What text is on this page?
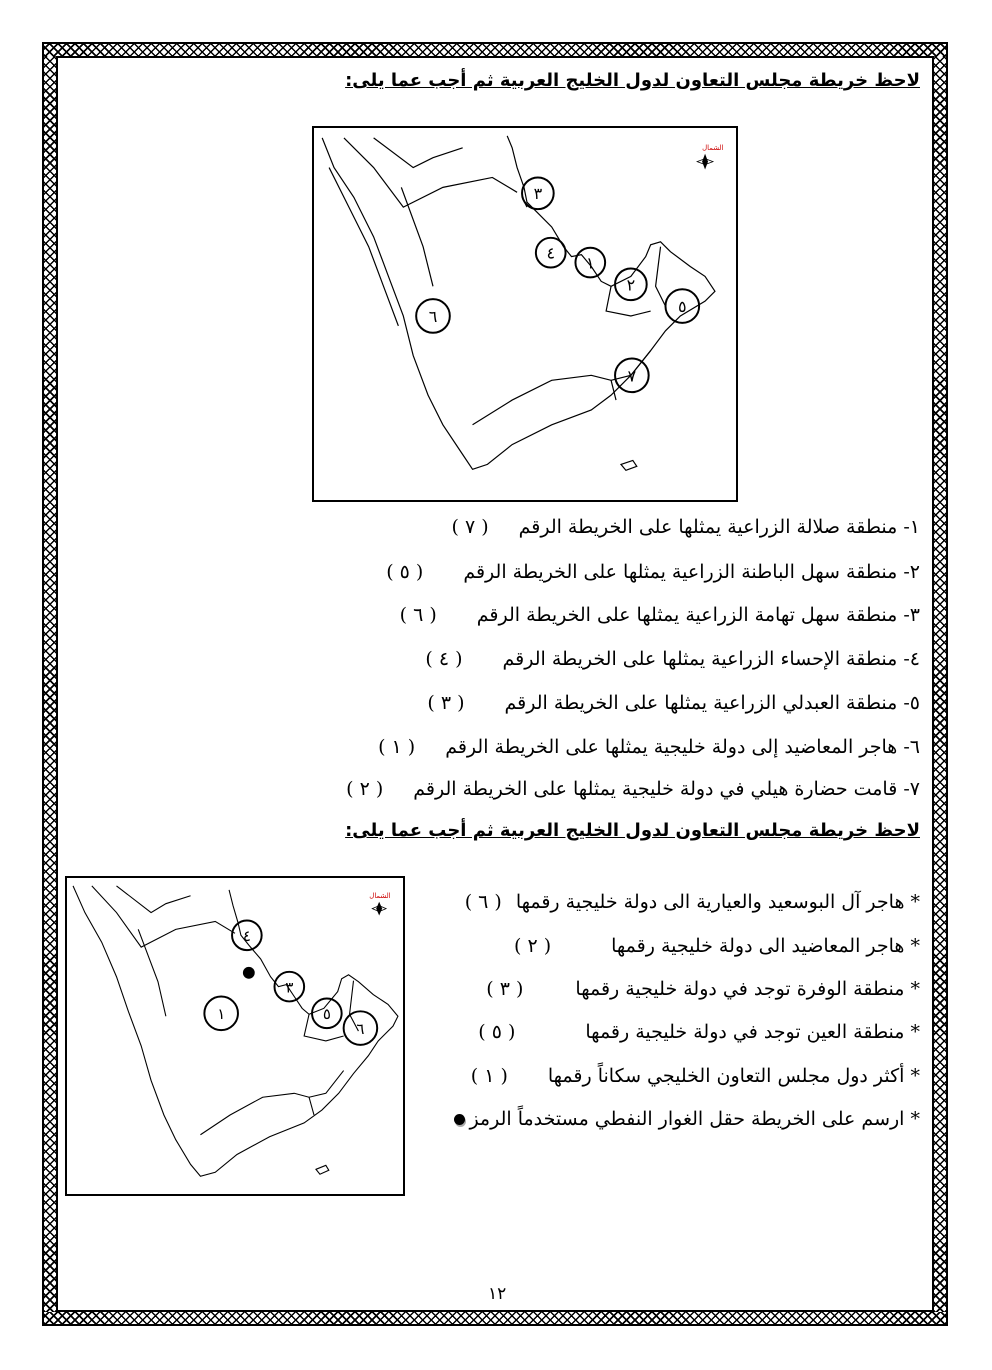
لاحظ خريطة مجلس التعاون لدول الخليج العربية ثم أجب عما يلى:
الشمال
٣
٤
١
٢
٥
٦
٧
١- منطقة صلالة الزراعية يمثلها على الخريطة الرقم( ٧ )
٢- منطقة سهل الباطنة الزراعية يمثلها على الخريطة الرقم( ٥ )
٣- منطقة سهل تهامة الزراعية يمثلها على الخريطة الرقم( ٦ )
٤- منطقة الإحساء الزراعية يمثلها على الخريطة الرقم( ٤ )
٥- منطقة العبدلي الزراعية يمثلها على الخريطة الرقم( ٣ )
٦- هاجر المعاضيد إلى دولة خليجية يمثلها على الخريطة الرقم( ١ )
٧- قامت حضارة هيلي في دولة خليجية يمثلها على الخريطة الرقم( ٢ )
لاحظ خريطة مجلس التعاون لدول الخليج العربية ثم أجب عما يلى:
الشمال
٤
٣
١	٥
٦
* هاجر آل البوسعيد والعيارية الى دولة خليجية رقمها( ٦ )
* هاجر المعاضيد الى دولة خليجية رقمها( ٢ )
* منطقة الوفرة توجد في دولة خليجية رقمها( ٣ )
* منطقة العين توجد في دولة خليجية رقمها( ٥ )
* أكثر دول مجلس التعاون الخليجي سكاناً رقمها( ١ )
* ارسم على الخريطة حقل الغوار النفطي مستخدماً الرمز
١٢
